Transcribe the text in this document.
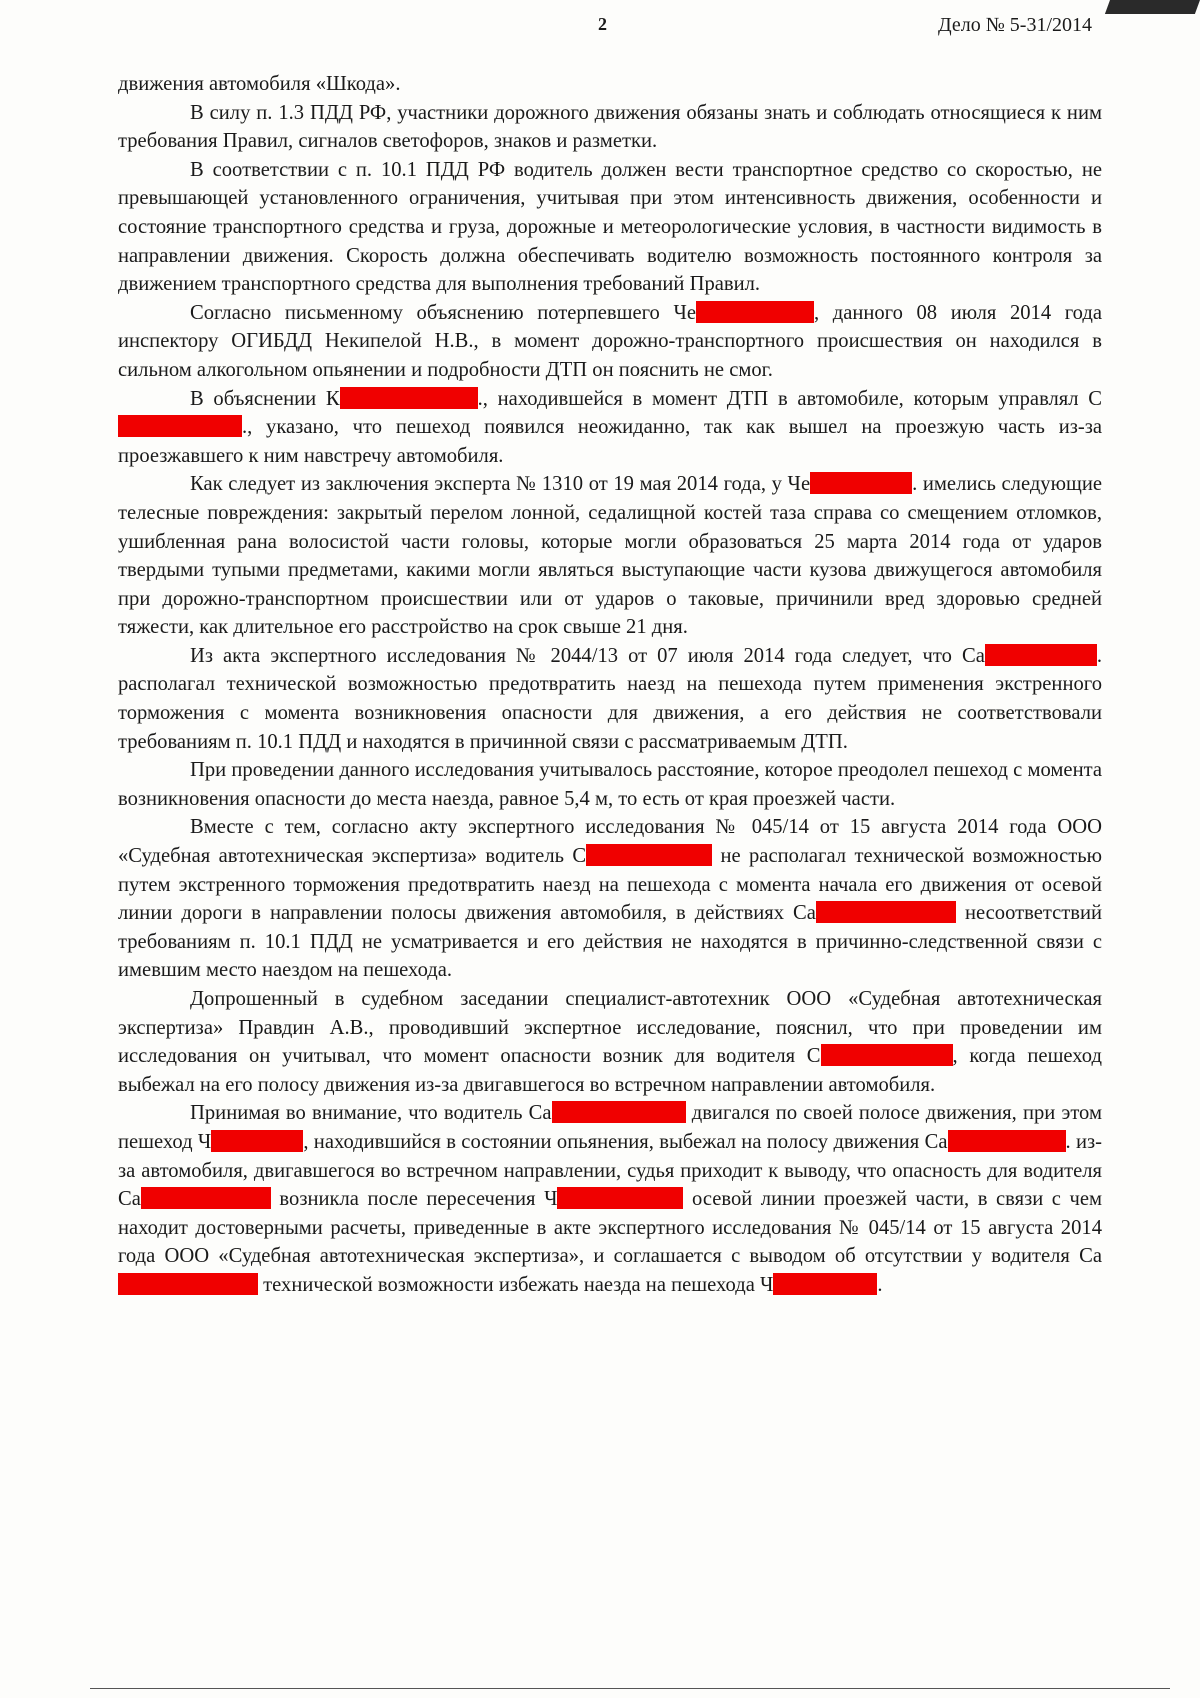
2	Дело № 5-31/2014

движения автомобиля «Шкода».

В силу п. 1.3 ПДД РФ, участники дорожного движения обязаны знать и соблюдать относящиеся к ним требования Правил, сигналов светофоров, знаков и разметки.

В соответствии с п. 10.1 ПДД РФ водитель должен вести транспортное средство со скоростью, не превышающей установленного ограничения, учитывая при этом интенсивность движения, особенности и состояние транспортного средства и груза, дорожные и метеорологические условия, в частности видимость в направлении движения. Скорость должна обеспечивать водителю возможность постоянного контроля за движением транспортного средства для выполнения требований Правил.

Согласно письменному объяснению потерпевшего Че	, данного 08 июля 2014 года инспектору ОГИБДД Некипелой Н.В., в момент дорожно-транспортного происшествия он находился в сильном алкогольном опьянении и подробности ДТП он пояснить не смог.

В объяснении К	., находившейся в момент ДТП в автомобиле, которым управлял С., указано, что пешеход появился неожиданно, так как вышел на проезжую часть из-за проезжавшего к ним навстречу автомобиля.

Как следует из заключения эксперта № 1310 от 19 мая 2014 года, у Че	. имелись следующие телесные повреждения: закрытый перелом лонной, седалищной костей таза справа со смещением отломков, ушибленная рана волосистой части головы, которые могли образоваться 25 марта 2014 года от ударов твердыми тупыми предметами, какими могли являться выступающие части кузова движущегося автомобиля при дорожно-транспортном происшествии или от ударов о таковые, причинили вред здоровью средней тяжести, как длительное его расстройство на срок свыше 21 дня.

Из акта экспертного исследования № 2044/13 от 07 июля 2014 года следует, что Са	. располагал технической возможностью предотвратить наезд на пешехода путем применения экстренного торможения с момента возникновения опасности для движения, а его действия не соответствовали требованиям п. 10.1 ПДД и находятся в причинной связи с рассматриваемым ДТП.

При проведении данного исследования учитывалось расстояние, которое преодолел пешеход с момента возникновения опасности до места наезда, равное 5,4 м, то есть от края проезжей части.

Вместе с тем, согласно акту экспертного исследования № 045/14 от 15 августа 2014 года ООО «Судебная автотехническая экспертиза» водитель С	не располагал технической возможностью путем экстренного торможения предотвратить наезд на пешехода с момента начала его движения от осевой линии дороги в направлении полосы движения автомобиля, в действиях Са	несоответствий требованиям п. 10.1 ПДД не усматривается и его действия не находятся в причинно-следственной связи с имевшим место наездом на пешехода.

Допрошенный в судебном заседании специалист-автотехник ООО «Судебная автотехническая экспертиза» Правдин А.В., проводивший экспертное исследование, пояснил, что при проведении им исследования он учитывал, что момент опасности возник для водителя С	, когда пешеход выбежал на его полосу движения из-за двигавшегося во встречном направлении автомобиля.

Принимая во внимание, что водитель Са	двигался по своей полосе движения, при этом пешеход Ч	, находившийся в состоянии опьянения, выбежал на полосу движения Са	. из-за автомобиля, двигавшегося во встречном направлении, судья приходит к выводу, что опасность для водителя Са	возникла после пересечения Ч	осевой линии проезжей части, в связи с чем находит достоверными расчеты, приведенные в акте экспертного исследования № 045/14 от 15 августа 2014 года ООО «Судебная автотехническая экспертиза», и соглашается с выводом об отсутствии у водителя Са технической возможности избежать наезда на пешехода Ч	.
